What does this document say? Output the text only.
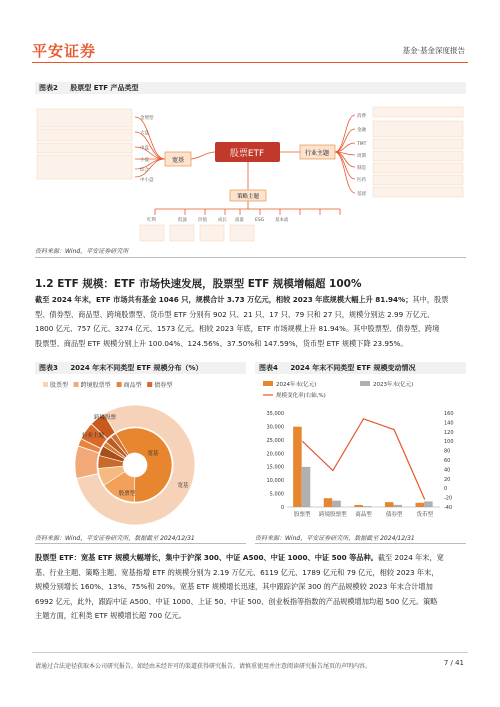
平安证券	基金·基金深度报告
图表2 股票型 ETF 产品类型
股票ETF
宽基
行业主题
策略主题
金增型
大盘
中盘
小盘
综合
中小盘
消费
金融
TMT
周期
制造
医药
基建
红利	低波 价值 成长 质量 ESG 基本面
资料来源：Wind，平安证券研究所
1.2 ETF 规模：ETF 市场快速发展，股票型 ETF 规模增幅超 100%
截至 2024 年末，ETF 市场共有基金 1046 只，规模合计 3.73 万亿元，相较 2023 年底规模大幅上升 81.94%；其中，股票
型、债券型、商品型、跨境股票型、货币型 ETF 分别有 902 只、21 只、17 只、79 只和 27 只，规模分别达 2.99 万亿元、
1800 亿元、757 亿元、3274 亿元、1573 亿元。相较 2023 年底，ETF 市场规模上升 81.94%。其中股票型、债券型、跨境
股票型、商品型 ETF 规模分别上升 100.04%、124.56%、37.50%和 147.59%，货币型 ETF 规模下降 23.95%。
图表3 2024 年末不同类型 ETF 规模分布（%）	图表4 2024 年末不同类型 ETF 规模变动情况
股票型 跨境股票型 商品型 债券型
宽基
行业主题
跨境股票
股票型
宽基
2024年末(亿元)	2023年末(亿元)
规模变化率(右轴,%)
0
5,000
10,000
15,000
20,000
25,000
30,000
35,000
-40
-20
0
20
40
60
80
100
120
140
160
股票型 跨境股票型 商品型	债券型	货币型
资料来源：Wind，平安证券研究所，数据截至 2024/12/31	资料来源：Wind，平安证券研究所，数据截至 2024/12/31
股票型 ETF：宽基 ETF 规模大幅增长，集中于沪深 300、中证 A500、中证 1000、中证 500 等品种。截至 2024 年末，宽
基、行业主题、策略主题、宽基指增 ETF 的规模分别为 2.19 万亿元、6119 亿元、1789 亿元和 79 亿元，相较 2023 年末，
规模分别增长 160%、13%、75%和 20%。宽基 ETF 规模增长迅速，其中跟踪沪深 300 的产品规模较 2023 年末合计增加
6992 亿元，此外，跟踪中证 A500、中证 1000、上证 50、中证 500、创业板指等指数的产品规模增加均超 500 亿元。策略
主题方面，红利类 ETF 规模增长超 700 亿元。
请通过合法途径获取本公司研究报告，如经由未经许可的渠道获得研究报告，请慎重使用并注意阅读研究报告尾页的声明内容。	7 / 41
